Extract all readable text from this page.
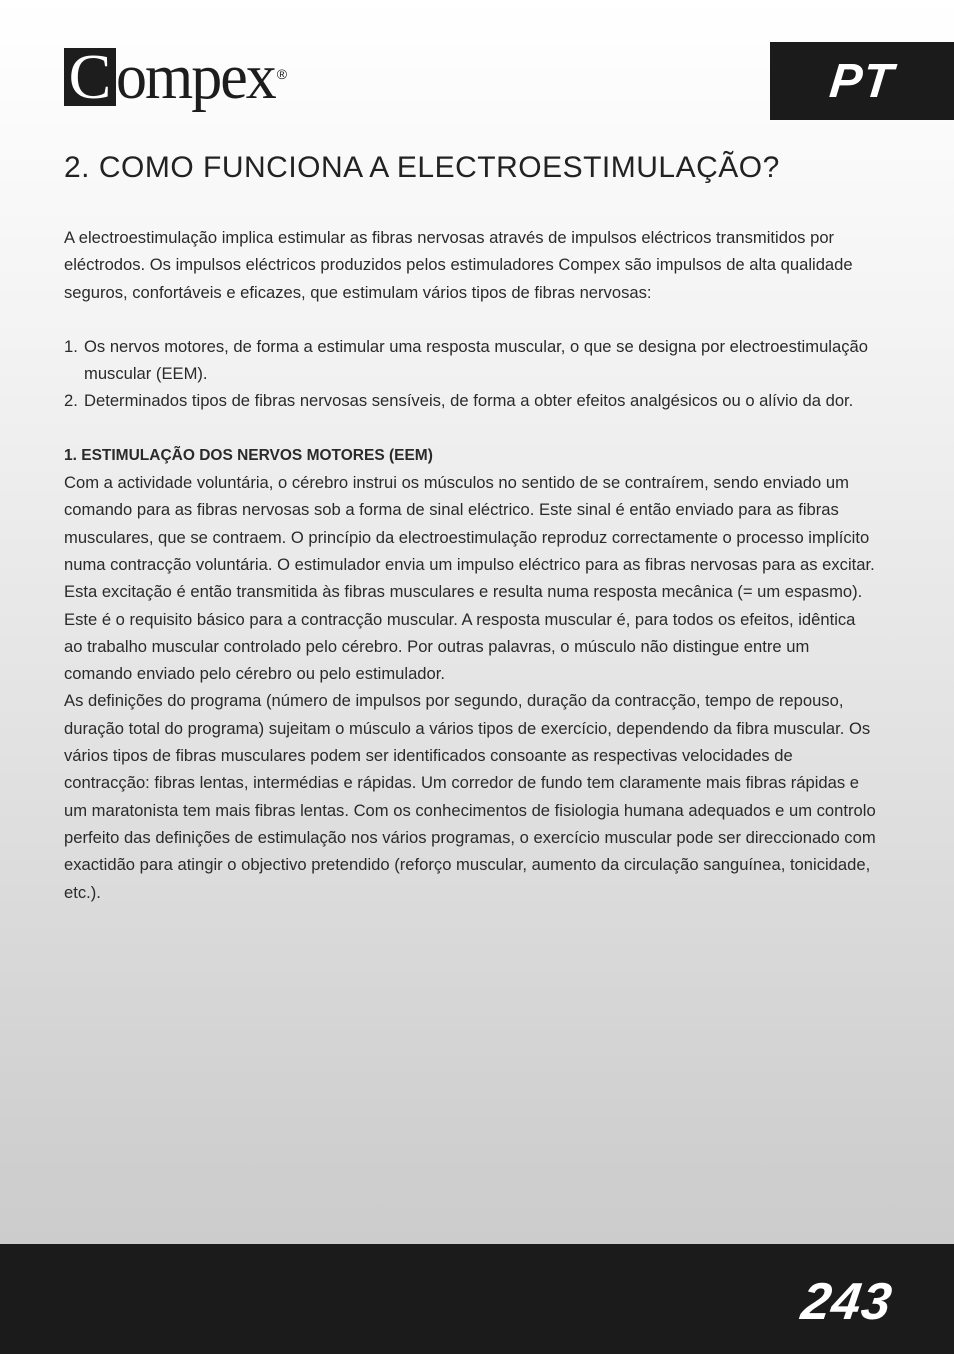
C ompex ®	PT
2. COMO FUNCIONA A ELECTROESTIMULAÇÃO?

A electroestimulação implica estimular as fibras nervosas através de impulsos eléctricos transmitidos por eléctrodos. Os impulsos eléctricos produzidos pelos estimuladores Compex são impulsos de alta qualidade seguros, confortáveis e eficazes, que estimulam vários tipos de fibras nervosas:

1. Os nervos motores, de forma a estimular uma resposta muscular, o que se designa por electroestimulação muscular (EEM).
2. Determinados tipos de fibras nervosas sensíveis, de forma a obter efeitos analgésicos ou o alívio da dor.

1. ESTIMULAÇÃO DOS NERVOS MOTORES (EEM)

Com a actividade voluntária, o cérebro instrui os músculos no sentido de se contraírem, sendo enviado um comando para as fibras nervosas sob a forma de sinal eléctrico. Este sinal é então enviado para as fibras musculares, que se contraem. O princípio da electroestimulação reproduz correctamente o processo implícito numa contracção voluntária. O estimulador envia um impulso eléctrico para as fibras nervosas para as excitar. Esta excitação é então transmitida às fibras musculares e resulta numa resposta mecânica (= um espasmo). Este é o requisito básico para a contracção muscular. A resposta muscular é, para todos os efeitos, idêntica ao trabalho muscular controlado pelo cérebro. Por outras palavras, o músculo não distingue entre um comando enviado pelo cérebro ou pelo estimulador.

As definições do programa (número de impulsos por segundo, duração da contracção, tempo de repouso, duração total do programa) sujeitam o músculo a vários tipos de exercício, dependendo da fibra muscular. Os vários tipos de fibras musculares podem ser identificados consoante as respectivas velocidades de contracção: fibras lentas, intermédias e rápidas. Um corredor de fundo tem claramente mais fibras rápidas e um maratonista tem mais fibras lentas. Com os conhecimentos de fisiologia humana adequados e um controlo perfeito das definições de estimulação nos vários programas, o exercício muscular pode ser direccionado com exactidão para atingir o objectivo pretendido (reforço muscular, aumento da circulação sanguínea, tonicidade, etc.).

243
